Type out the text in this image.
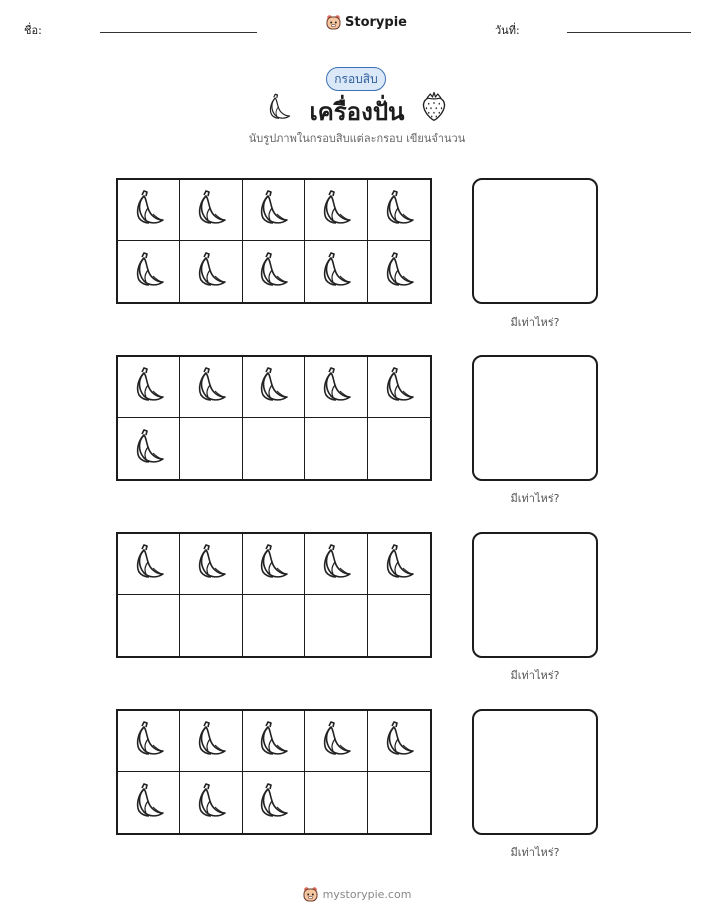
ชื่อ:
Storypie
วันที่:
กรอบสิบ
เครื่องปั่น
นับรูปภาพในกรอบสิบแต่ละกรอบ เขียนจำนวน
มีเท่าไหร่?
มีเท่าไหร่?
มีเท่าไหร่?
มีเท่าไหร่?
mystorypie.com
